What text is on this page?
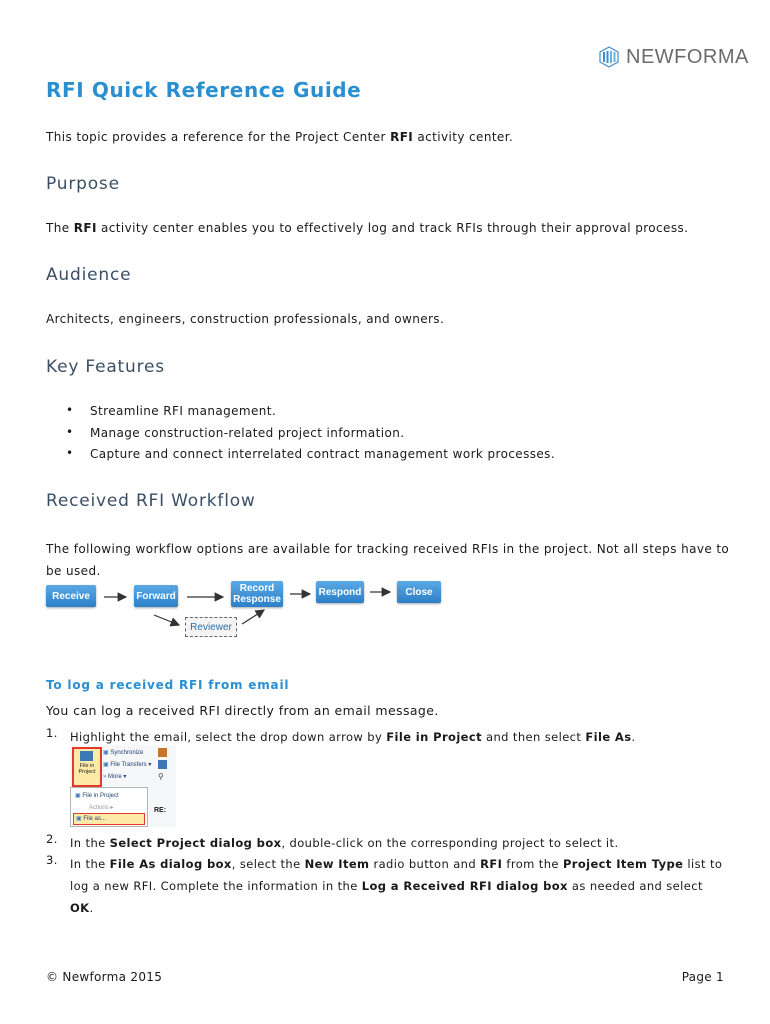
NEWFORMA
RFI Quick Reference Guide
This topic provides a reference for the Project Center RFI activity center.
Purpose
The RFI activity center enables you to effectively log and track RFIs through their approval process.
Audience
Architects, engineers, construction professionals, and owners.
Key Features
• Streamline RFI management.
• Manage construction-related project information.
• Capture and connect interrelated contract management work processes.
Received RFI Workflow
The following workflow options are available for tracking received RFIs in the project. Not all steps have to be used.
Receive	Forward
Record Response
Respond	Close
Reviewer
To log a received RFI from email
You can log a received RFI directly from an email message.
1. Highlight the email, select the drop down arrow by File in Project and then select File As.
File in Project
▣ Synchronize
▣ File Transfers ▾
» More ▾	⚲
▣ File in Project
Actions ▸
▣ File as...
RE:
2. In the Select Project dialog box, double-click on the corresponding project to select it.
3. In the File As dialog box, select the New Item radio button and RFI from the Project Item Type list to log a new RFI. Complete the information in the Log a Received RFI dialog box as needed and select OK.
© Newforma 2015	Page 1
